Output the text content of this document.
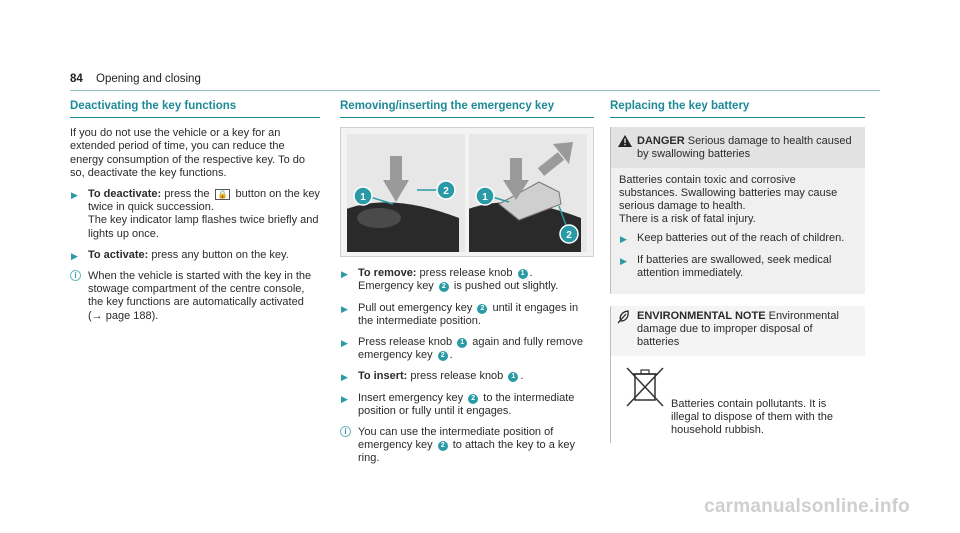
84 Opening and closing
Deactivating the key functions

If you do not use the vehicle or a key for an extended period of time, you can reduce the energy consumption of the respective key. To do so, deactivate the key functions.

▶ To deactivate: press the 🔒 button on the key twice in quick succession.
The key indicator lamp flashes twice briefly and lights up once.
▶ To activate: press any button on the key.
i	When the vehicle is started with the key in the stowage compartment of the centre console, the key functions are automatically activated (→ page 188).
Removing/inserting the emergency key
1
2
1
2
▶ To remove: press release knob 1 .
Emergency key 2 is pushed out slightly.
▶ Pull out emergency key 2 until it engages in the intermediate position.
▶ Press release knob 1 again and fully remove emergency key 2 .
▶ To insert: press release knob 1 .
▶ Insert emergency key 2 to the intermediate position or fully until it engages.
i	You can use the intermediate position of emergency key 2 to attach the key to a key ring.
Replacing the key battery
DANGER Serious damage to health caused by swallowing batteries

Batteries contain toxic and corrosive substances. Swallowing batteries may cause serious damage to health.

There is a risk of fatal injury.

▶ Keep batteries out of the reach of children.
▶ If batteries are swallowed, seek medical attention immediately.
ENVIRONMENTAL NOTE Environmental damage due to improper disposal of batteries

Batteries contain pollutants. It is illegal to dispose of them with the household rubbish.

carmanualsonline.info
